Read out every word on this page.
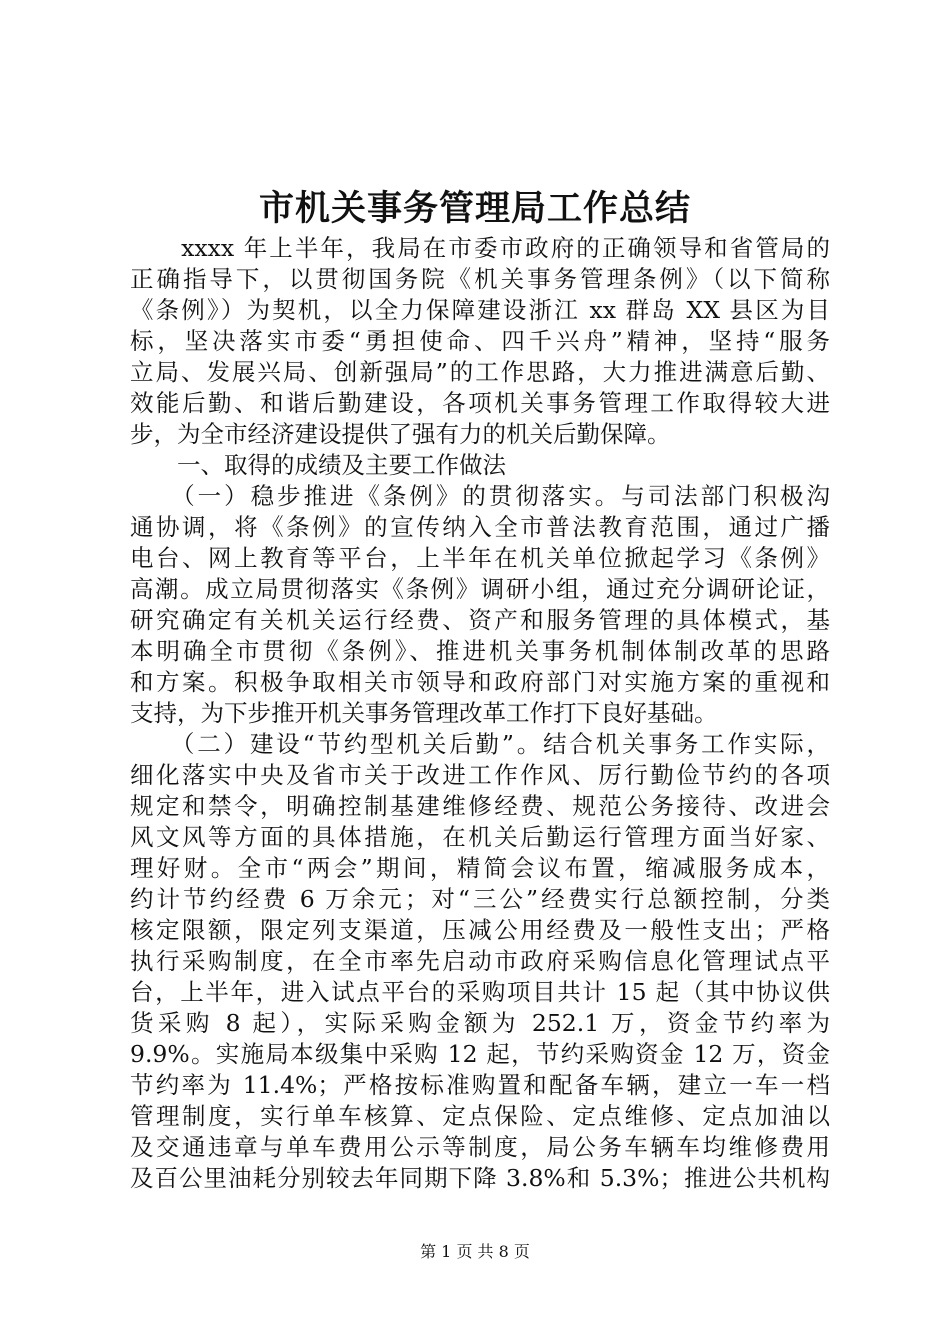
市机关事务管理局工作总结
　　xxxx 年上半年，我局在市委市政府的正确领导和省管局的
正确指导下，以贯彻国务院《机关事务管理条例》（以下简称
《条例》）为契机，以全力保障建设浙江 xx 群岛 XX 县区为目
标，坚决落实市委“勇担使命、四千兴舟”精神，坚持“服务
立局、发展兴局、创新强局”的工作思路，大力推进满意后勤、
效能后勤、和谐后勤建设，各项机关事务管理工作取得较大进
步，为全市经济建设提供了强有力的机关后勤保障。
　　一、取得的成绩及主要工作做法
　　（一）稳步推进《条例》的贯彻落实。与司法部门积极沟
通协调，将《条例》的宣传纳入全市普法教育范围，通过广播
电台、网上教育等平台，上半年在机关单位掀起学习《条例》
高潮。成立局贯彻落实《条例》调研小组，通过充分调研论证，
研究确定有关机关运行经费、资产和服务管理的具体模式，基
本明确全市贯彻《条例》、推进机关事务机制体制改革的思路
和方案。积极争取相关市领导和政府部门对实施方案的重视和
支持，为下步推开机关事务管理改革工作打下良好基础。
　　（二）建设“节约型机关后勤”。结合机关事务工作实际，
细化落实中央及省市关于改进工作作风、厉行勤俭节约的各项
规定和禁令，明确控制基建维修经费、规范公务接待、改进会
风文风等方面的具体措施，在机关后勤运行管理方面当好家、
理好财。全市“两会”期间，精简会议布置，缩减服务成本，
约计节约经费 6 万余元；对“三公”经费实行总额控制，分类
核定限额，限定列支渠道，压减公用经费及一般性支出；严格
执行采购制度，在全市率先启动市政府采购信息化管理试点平
台，上半年，进入试点平台的采购项目共计 15 起（其中协议供
货采购 8 起），实际采购金额为 252.1 万，资金节约率为
9.9%。实施局本级集中采购 12 起，节约采购资金 12 万，资金
节约率为 11.4%；严格按标准购置和配备车辆，建立一车一档
管理制度，实行单车核算、定点保险、定点维修、定点加油以
及交通违章与单车费用公示等制度，局公务车辆车均维修费用
及百公里油耗分别较去年同期下降 3.8%和 5.3%；推进公共机构
第 1 页 共 8 页
